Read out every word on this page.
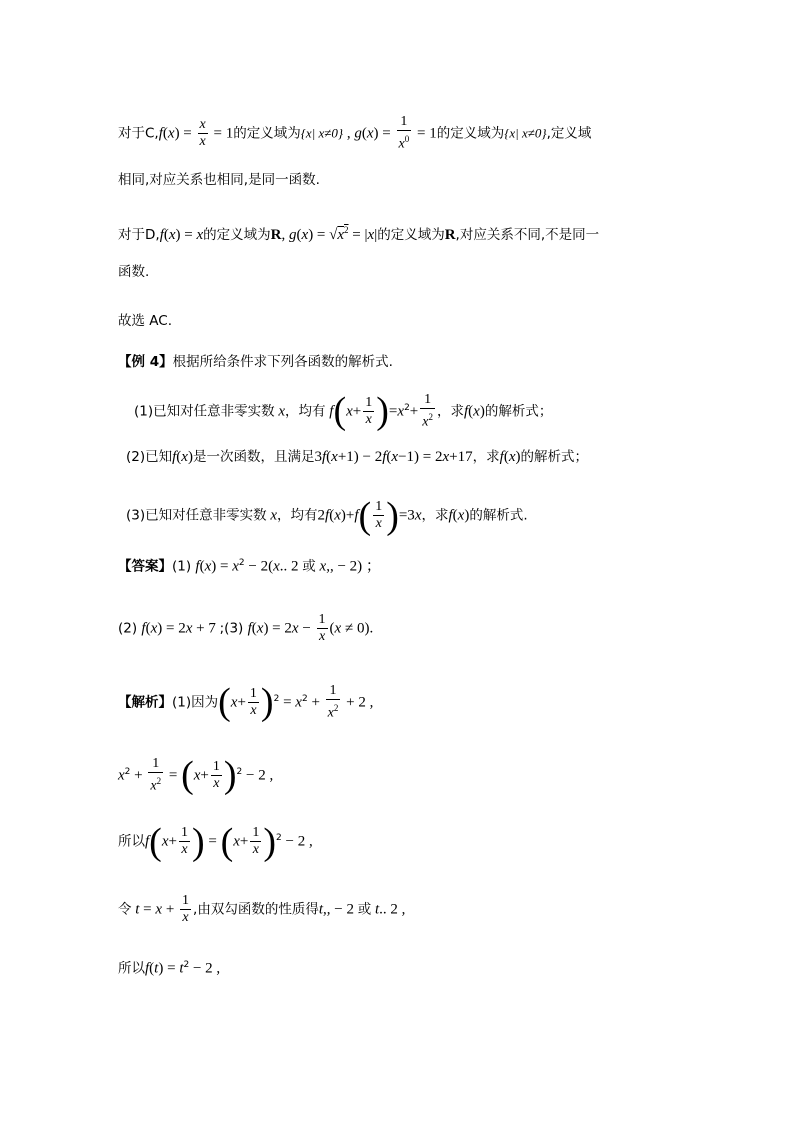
对于$C,f(x) = \frac{x}{x} = 1$的定义域为{x| x≠0} , $g(x) = \frac{1}{x^0} = 1$的定义域为{x| x≠0},定义域
相同,对应关系也相同,是同一函数.
对于D,f(x) = x的定义域为R, $g(x) = √x^2 = |x|$的定义域为R,对应关系不同,不是同一
函数.
故选 AC.
【例 4】根据所给条件求下列各函数的解析式.
(1)已知对任意非零实数 x，均有 $f(x+ \frac{1}{x} )=x^2+ \frac{1}{x^2}$ ，求f(x)的解析式；
(2)已知f(x)是一次函数，且满足3f(x+1) − 2f(x−1) = 2x+17，求f(x)的解析式；
(3)已知对任意非零实数 x，均有$2f(x)+f( \frac{1}{x} )=3x$，求f(x)的解析式.
【答案】(1) $f(x) = x^2 - 2(x$.. 2 或 x,, − 2) ；
(2) f(x) = 2x + 7 ;(3) $f(x) = 2x - \frac{1}{x} (x \ne 0)$.
【解析】(1)因为$(x+ \frac{1}{x} )^2 = x^2 + \frac{1}{x^2} + 2$ ,
$x^2 + \frac{1}{x^2} = (x+ \frac{1}{x} )^2 - 2$ ,
所以$f(x+ \frac{1}{x}$ ) = $(x+ \frac{1}{x} )^2 - 2$ ,
令 $t = x + \frac{1}{x}$ ,由双勾函数的性质得t,, − 2 或 t.. 2 ,
所以$f(t) = t^2 - 2$ ,
